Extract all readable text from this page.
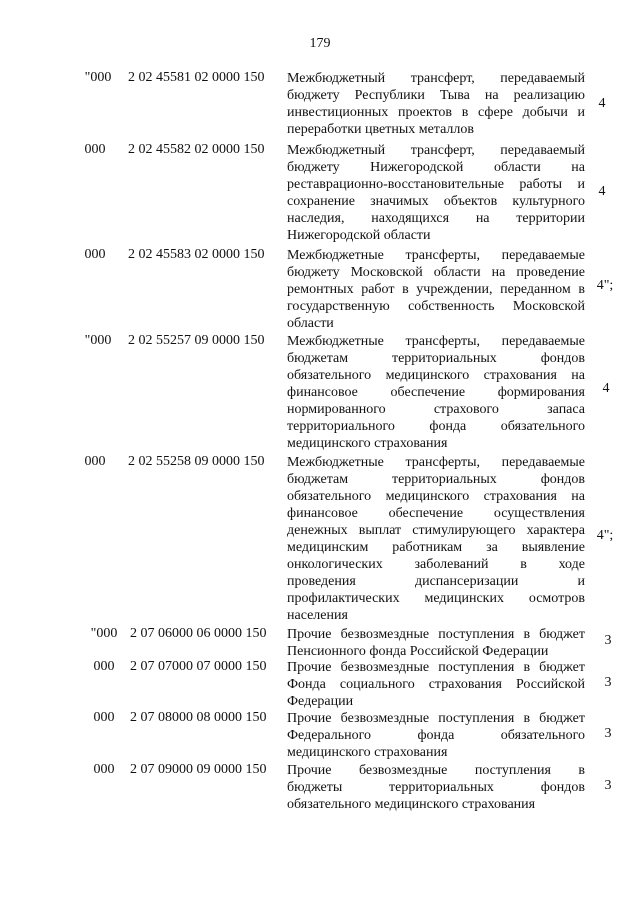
179
"000	2 02 45581 02 0000 150 Межбюджетный трансферт, передаваемый
бюджету Республики Тыва на реализацию
инвестиционных проектов в сфере добычи и
переработки цветных металлов
4
000	2 02 45582 02 0000 150 Межбюджетный трансферт, передаваемый
бюджету Нижегородской области на
реставрационно-восстановительные работы и
сохранение значимых объектов культурного
наследия, находящихся на территории
Нижегородской области
4
000	2 02 45583 02 0000 150 Межбюджетные трансферты, передаваемые
бюджету Московской области на проведение
ремонтных работ в учреждении, переданном в
государственную собственность Московской
области
4";
"000	2 02 55257 09 0000 150 Межбюджетные трансферты, передаваемые
бюджетам территориальных фондов
обязательного медицинского страхования на
финансовое обеспечение формирования
нормированного страхового запаса
территориального фонда обязательного
медицинского страхования
4
000	2 02 55258 09 0000 150 Межбюджетные трансферты, передаваемые
бюджетам территориальных фондов
обязательного медицинского страхования на
финансовое обеспечение осуществления
денежных выплат стимулирующего характера
медицинским работникам за выявление
онкологических заболеваний в ходе
проведения диспансеризации и
профилактических медицинских осмотров
населения
4";
"000 2 07 06000 06 0000 150 Прочие безвозмездные поступления в бюджет
Пенсионного фонда Российской Федерации
3
000	2 07 07000 07 0000 150 Прочие безвозмездные поступления в бюджет
Фонда социального страхования Российской
Федерации
3
000	2 07 08000 08 0000 150 Прочие безвозмездные поступления в бюджет
Федерального фонда обязательного
медицинского страхования
3
000	2 07 09000 09 0000 150 Прочие безвозмездные поступления в
бюджеты территориальных фондов
обязательного медицинского страхования
3
